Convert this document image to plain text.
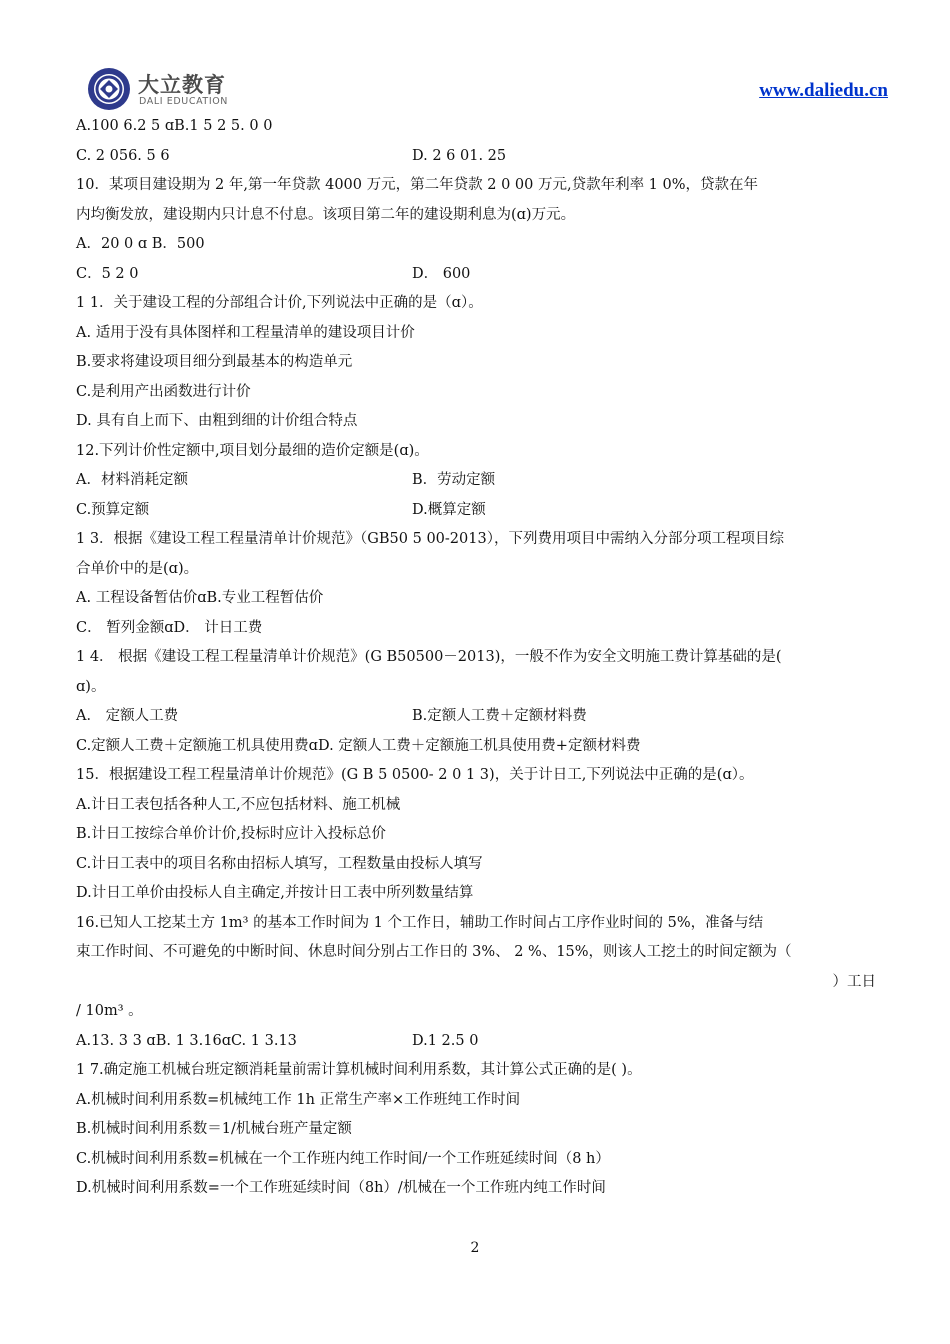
大立教育
DALI EDUCATION
www.daliedu.cn
A.100 6.2 5 ɑB.1 5 2 5. 0 0
C. 2 056. 5 6	D. 2 6 01. 25
10．某项目建设期为 2 年,第一年贷款 4000 万元，第二年贷款 2 0 00 万元,贷款年利率 1 0%，贷款在年
内均衡发放，建设期内只计息不付息。该项目第二年的建设期利息为(ɑ)万元。
A．20 0 ɑ B．500
C．5 2 0	D． 600
1 1．关于建设工程的分部组合计价,下列说法中正确的是（ɑ）。
A. 适用于没有具体图样和工程量清单的建设项目计价
B.要求将建设项目细分到最基本的构造单元
C.是利用产出函数进行计价
D. 具有自上而下、由粗到细的计价组合特点
12.下列计价性定额中,项目划分最细的造价定额是(ɑ)。
A．材料消耗定额	B．劳动定额
C.预算定额	D.概算定额
1 3．根据《建设工程工程量清单计价规范》（GB50 5 00-2013），下列费用项目中需纳入分部分项工程项目综
合单价中的是(ɑ)。
A. 工程设备暂估价ɑB.专业工程暂估价
C． 暂列金额ɑD． 计日工费
1 4． 根据《建设工程工程量清单计价规范》(G B50500－2013)，一般不作为安全文明施工费计算基础的是(
ɑ)。
A． 定额人工费	B.定额人工费＋定额材料费
C.定额人工费＋定额施工机具使用费ɑD. 定额人工费＋定额施工机具使用费+定额材料费
15．根据建设工程工程量清单计价规范》(G B 5 0500- 2 0 1 3)，关于计日工,下列说法中正确的是(ɑ）。
A.计日工表包括各种人工,不应包括材料、施工机械
B.计日工按综合单价计价,投标时应计入投标总价
C.计日工表中的项目名称由招标人填写，工程数量由投标人填写
D.计日工单价由投标人自主确定,并按计日工表中所列数量结算
16.已知人工挖某土方 1m³ 的基本工作时间为 1 个工作日，辅助工作时间占工序作业时间的 5%，准备与结
束工作时间、不可避免的中断时间、休息时间分别占工作日的 3%、 2 %、15%，则该人工挖土的时间定额为（
）工日
/ 10m³ 。
A.13. 3 3 ɑB. 1 3.16ɑC. 1 3.13	D.1 2.5 0
1 7.确定施工机械台班定额消耗量前需计算机械时间利用系数，其计算公式正确的是( )。
A.机械时间利用系数=机械纯工作 1h 正常生产率×工作班纯工作时间
B.机械时间利用系数＝1/机械台班产量定额
C.机械时间利用系数=机械在一个工作班内纯工作时间/一个工作班延续时间（8 h）
D.机械时间利用系数=一个工作班延续时间（8h）/机械在一个工作班内纯工作时间
2
